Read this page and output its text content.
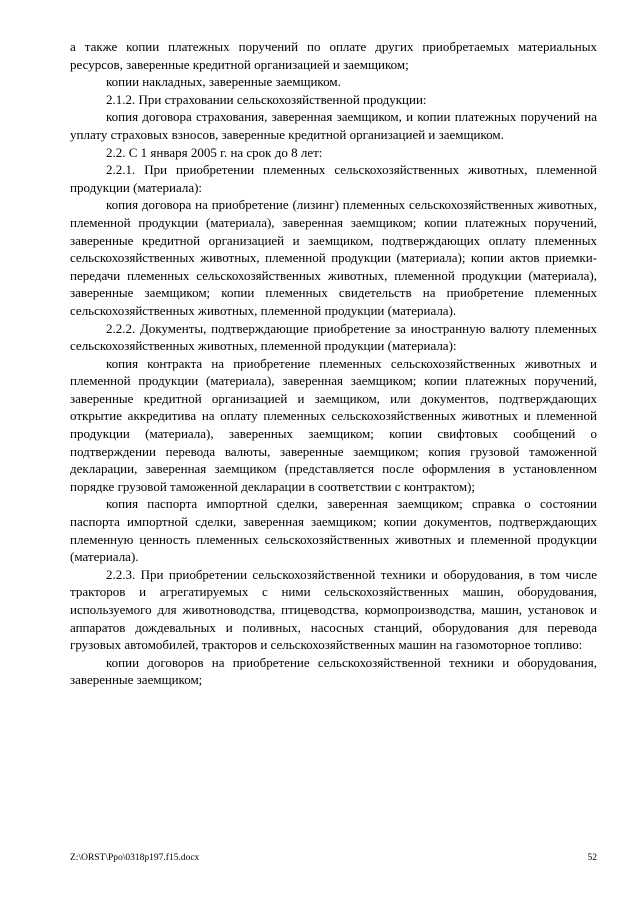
а также копии платежных поручений по оплате других приобретаемых материальных ресурсов, заверенные кредитной организацией и заемщиком;

копии накладных, заверенные заемщиком.

2.1.2. При страховании сельскохозяйственной продукции:

копия договора страхования, заверенная заемщиком, и копии платежных поручений на уплату страховых взносов, заверенные кредитной организацией и заемщиком.

2.2. С 1 января 2005 г. на срок до 8 лет:

2.2.1. При приобретении племенных сельскохозяйственных животных, племенной продукции (материала):

копия договора на приобретение (лизинг) племенных сельскохозяйственных животных, племенной продукции (материала), заверенная заемщиком; копии платежных поручений, заверенные кредитной организацией и заемщиком, подтверждающих оплату племенных сельскохозяйственных животных, племенной продукции (материала); копии актов приемки-передачи племенных сельскохозяйственных животных, племенной продукции (материала), заверенные заемщиком; копии племенных свидетельств на приобретение племенных сельскохозяйственных животных, племенной продукции (материала).

2.2.2. Документы, подтверждающие приобретение за иностранную валюту племенных сельскохозяйственных животных, племенной продукции (материала):

копия контракта на приобретение племенных сельскохозяйственных животных и племенной продукции (материала), заверенная заемщиком; копии платежных поручений, заверенные кредитной организацией и заемщиком, или документов, подтверждающих открытие аккредитива на оплату племенных сельскохозяйственных животных и племенной продукции (материала), заверенных заемщиком; копии свифтовых сообщений о подтверждении перевода валюты, заверенные заемщиком; копия грузовой таможенной декларации, заверенная заемщиком (представляется после оформления в установленном порядке грузовой таможенной декларации в соответствии с контрактом);

копия паспорта импортной сделки, заверенная заемщиком; справка о состоянии паспорта импортной сделки, заверенная заемщиком; копии документов, подтверждающих племенную ценность племенных сельскохозяйственных животных и племенной продукции (материала).

2.2.3. При приобретении сельскохозяйственной техники и оборудования, в том числе тракторов и агрегатируемых с ними сельскохозяйственных машин, оборудования, используемого для животноводства, птицеводства, кормопроизводства, машин, установок и аппаратов дождевальных и поливных, насосных станций, оборудования для перевода грузовых автомобилей, тракторов и сельскохозяйственных машин на газомоторное топливо:

копии договоров на приобретение сельскохозяйственной техники и оборудования, заверенные заемщиком;

Z:\ORST\Ppo\0318p197.f15.docx	52
